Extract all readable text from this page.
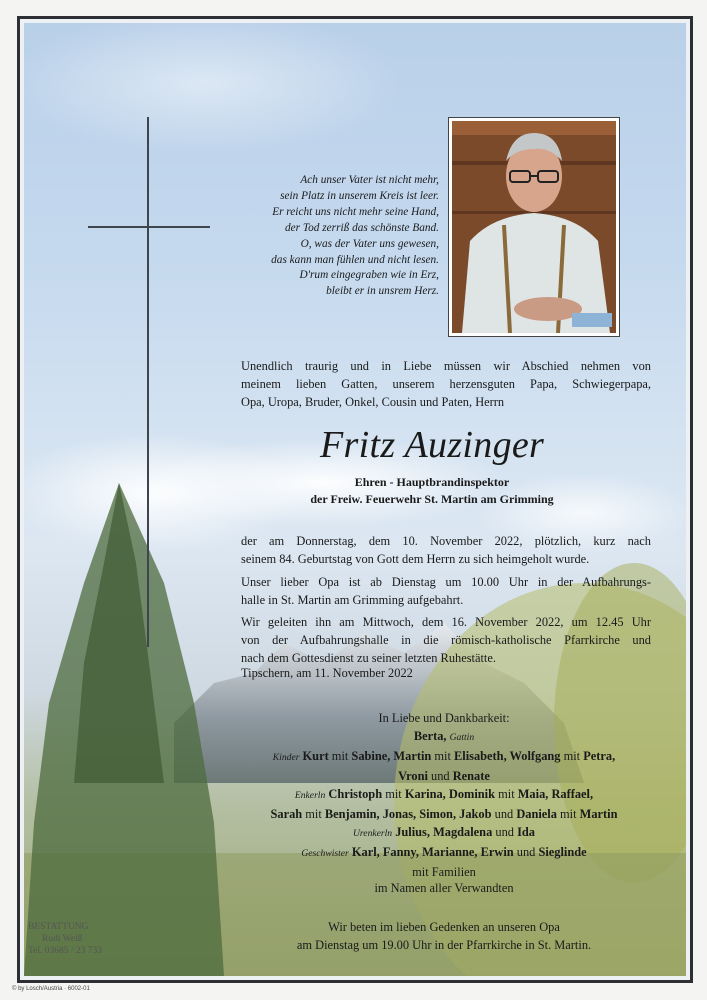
Ach unser Vater ist nicht mehr,
sein Platz in unserem Kreis ist leer.
Er reicht uns nicht mehr seine Hand,
der Tod zerriß das schönste Band.
O, was der Vater uns gewesen,
das kann man fühlen und nicht lesen.
D'rum eingegraben wie in Erz,
bleibt er in unsrem Herz.
Unendlich traurig und in Liebe müssen wir Abschied nehmen von
meinem lieben Gatten, unserem herzensguten Papa, Schwiegerpapa,
Opa, Uropa, Bruder, Onkel, Cousin und Paten, Herrn
Fritz Auzinger
Ehren - Hauptbrandinspektor
der Freiw. Feuerwehr St. Martin am Grimming
der am Donnerstag, dem 10. November 2022, plötzlich, kurz nach
seinem 84. Geburtstag von Gott dem Herrn zu sich heimgeholt wurde.
Unser lieber Opa ist ab Dienstag um 10.00 Uhr in der Aufbahrungs-
halle in St. Martin am Grimming aufgebahrt.
Wir geleiten ihn am Mittwoch, dem 16. November 2022, um 12.45 Uhr
von der Aufbahrungshalle in die römisch-katholische Pfarrkirche und
nach dem Gottesdienst zu seiner letzten Ruhestätte.
Tipschern, am 11. November 2022
In Liebe und Dankbarkeit:
Berta, Gattin
Kinder Kurt mit Sabine, Martin mit Elisabeth, Wolfgang mit Petra,
Vroni und Renate
Enkerln Christoph mit Karina, Dominik mit Maia, Raffael,
Sarah mit Benjamin, Jonas, Simon, Jakob und Daniela mit Martin
Urenkerln Julius, Magdalena und Ida
Geschwister Karl, Fanny, Marianne, Erwin und Sieglinde
mit Familien
im Namen aller Verwandten
Wir beten im lieben Gedenken an unseren Opa
am Dienstag um 19.00 Uhr in der Pfarrkirche in St. Martin.
BESTATTUNG
Rudi Weiß
Tel. 03685 / 23 733
© by Losch/Austria · 6002-01
